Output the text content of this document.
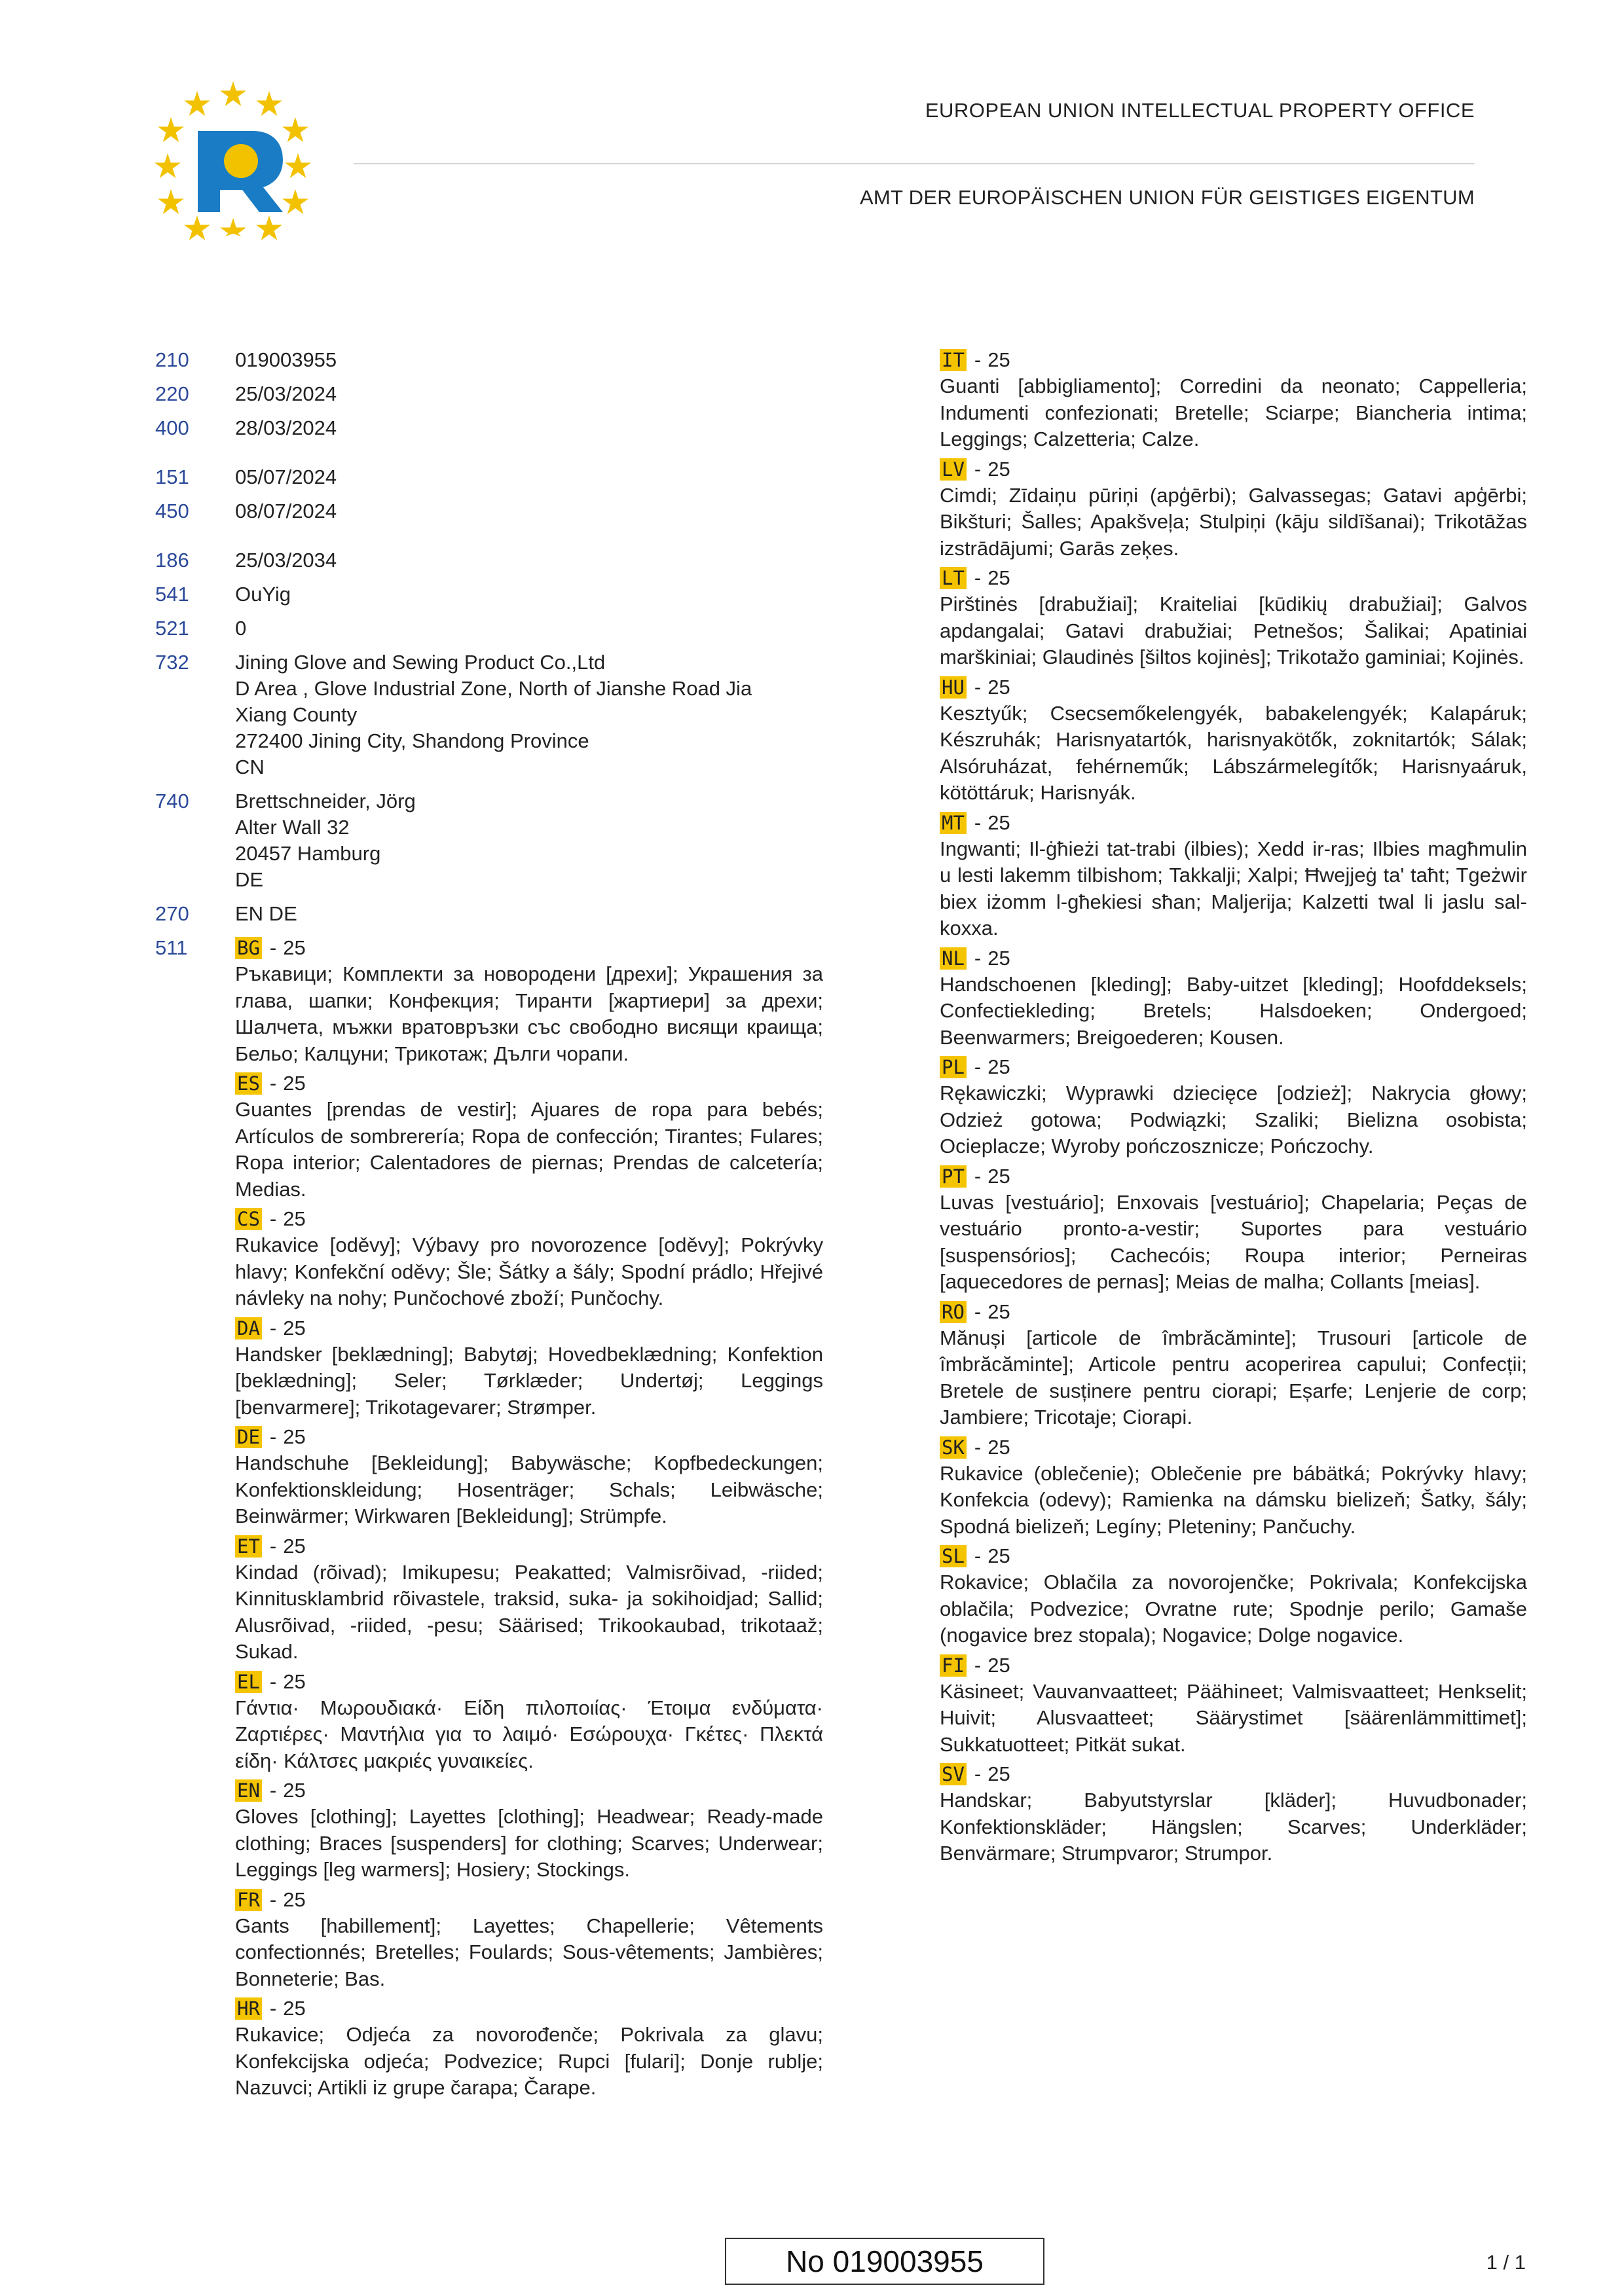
EUROPEAN UNION INTELLECTUAL PROPERTY OFFICE
AMT DER EUROPÄISCHEN UNION FÜR GEISTIGES EIGENTUM
210 019003955
220 25/03/2024
400 28/03/2024
151 05/07/2024
450 08/07/2024
186 25/03/2034
541 OuYig
521 0
732 Jining Glove and Sewing Product Co.,Ltd
D Area , Glove Industrial Zone, North of Jianshe Road Jia
Xiang County
272400 Jining City, Shandong Province
CN
740 Brettschneider, Jörg
Alter Wall 32
20457 Hamburg
DE
270 EN DE
511	BG - 25
Ръкавици; Комплекти за новородени [дрехи]; Украшения за глава, шапки; Конфекция; Тиранти [жартиери] за дрехи; Шалчета, мъжки вратовръзки със свободно висящи краища; Бельо; Калцуни; Трикотаж; Дълги чорапи.
ES - 25
Guantes [prendas de vestir]; Ajuares de ropa para bebés; Artículos de sombrerería; Ropa de confección; Tirantes; Fulares; Ropa interior; Calentadores de piernas; Prendas de calcetería; Medias.
CS - 25
Rukavice [oděvy]; Výbavy pro novorozence [oděvy]; Pokrývky hlavy; Konfekční oděvy; Šle; Šátky a šály; Spodní prádlo; Hřejivé návleky na nohy; Punčochové zboží; Punčochy.
DA - 25
Handsker [beklædning]; Babytøj; Hovedbeklædning; Konfektion [beklædning]; Seler; Tørklæder; Undertøj; Leggings [benvarmere]; Trikotagevarer; Strømper.
DE - 25
Handschuhe [Bekleidung]; Babywäsche; Kopfbedeckungen; Konfektionskleidung; Hosenträger; Schals; Leibwäsche; Beinwärmer; Wirkwaren [Bekleidung]; Strümpfe.
ET - 25
Kindad (rõivad); Imikupesu; Peakatted; Valmisrõivad, -riided; Kinnitusklambrid rõivastele, traksid, suka- ja sokihoidjad; Sallid; Alusrõivad, -riided, -pesu; Säärised; Trikookaubad, trikotaaž; Sukad.
EL - 25
Γάντια· Μωρουδιακά· Είδη πιλοποιίας· Έτοιμα ενδύματα· Ζαρτιέρες· Μαντήλια για το λαιμό· Εσώρουχα· Γκέτες· Πλεκτά είδη· Κάλτσες μακριές γυναικείες.
EN - 25
Gloves [clothing]; Layettes [clothing]; Headwear; Ready-made clothing; Braces [suspenders] for clothing; Scarves; Underwear; Leggings [leg warmers]; Hosiery; Stockings.
FR - 25
Gants [habillement]; Layettes; Chapellerie; Vêtements confectionnés; Bretelles; Foulards; Sous-vêtements; Jambières; Bonneterie; Bas.
HR - 25
Rukavice; Odjeća za novorođenče; Pokrivala za glavu; Konfekcijska odjeća; Podvezice; Rupci [fulari]; Donje rublje; Nazuvci; Artikli iz grupe čarapa; Čarape.
IT - 25
Guanti [abbigliamento]; Corredini da neonato; Cappelleria; Indumenti confezionati; Bretelle; Sciarpe; Biancheria intima; Leggings; Calzetteria; Calze.
LV - 25
Cimdi; Zīdaiņu pūriņi (apģērbi); Galvassegas; Gatavi apģērbi; Bikšturi; Šalles; Apakšveļa; Stulpiņi (kāju sildīšanai); Trikotāžas izstrādājumi; Garās zeķes.
LT - 25
Pirštinės [drabužiai]; Kraiteliai [kūdikių drabužiai]; Galvos apdangalai; Gatavi drabužiai; Petnešos; Šalikai; Apatiniai marškiniai; Glaudinės [šiltos kojinės]; Trikotažo gaminiai; Kojinės.
HU - 25
Kesztyűk; Csecsemőkelengyék, babakelengyék; Kalapáruk; Készruhák; Harisnyatartók, harisnyakötők, zoknitartók; Sálak; Alsóruházat, fehérneműk; Lábszármelegítők; Harisnyaáruk, kötöttáruk; Harisnyák.
MT - 25
Ingwanti; Il-ġħieżi tat-trabi (ilbies); Xedd ir-ras; Ilbies magħmulin u lesti lakemm tilbishom; Takkalji; Xalpi; Ħwejjeġ ta' taħt; Tgeżwir biex iżomm l-għekiesi sħan; Maljerija; Kalzetti twal li jaslu sal-koxxa.
NL - 25
Handschoenen [kleding]; Baby-uitzet [kleding]; Hoofddeksels; Confectiekleding; Bretels; Halsdoeken; Ondergoed; Beenwarmers; Breigoederen; Kousen.
PL - 25
Rękawiczki; Wyprawki dziecięce [odzież]; Nakrycia głowy; Odzież gotowa; Podwiązki; Szaliki; Bielizna osobista; Ocieplacze; Wyroby pończosznicze; Pończochy.
PT - 25
Luvas [vestuário]; Enxovais [vestuário]; Chapelaria; Peças de vestuário pronto-a-vestir; Suportes para vestuário [suspensórios]; Cachecóis; Roupa interior; Perneiras [aquecedores de pernas]; Meias de malha; Collants [meias].
RO - 25
Mănuși [articole de îmbrăcăminte]; Trusouri [articole de îmbrăcăminte]; Articole pentru acoperirea capului; Confecții; Bretele de susținere pentru ciorapi; Eșarfe; Lenjerie de corp; Jambiere; Tricotaje; Ciorapi.
SK - 25
Rukavice (oblečenie); Oblečenie pre bábätká; Pokrývky hlavy; Konfekcia (odevy); Ramienka na dámsku bielizeň; Šatky, šály; Spodná bielizeň; Legíny; Pleteniny; Pančuchy.
SL - 25
Rokavice; Oblačila za novorojenčke; Pokrivala; Konfekcijska oblačila; Podvezice; Ovratne rute; Spodnje perilo; Gamaše (nogavice brez stopala); Nogavice; Dolge nogavice.
FI - 25
Käsineet; Vauvanvaatteet; Päähineet; Valmisvaatteet; Henkselit; Huivit; Alusvaatteet; Säärystimet [säärenlämmittimet]; Sukkatuotteet; Pitkät sukat.
SV - 25
Handskar; Babyutstyrslar [kläder]; Huvudbonader; Konfektionskläder; Hängslen; Scarves; Underkläder; Benvärmare; Strumpvaror; Strumpor.
No 019003955	1 / 1
